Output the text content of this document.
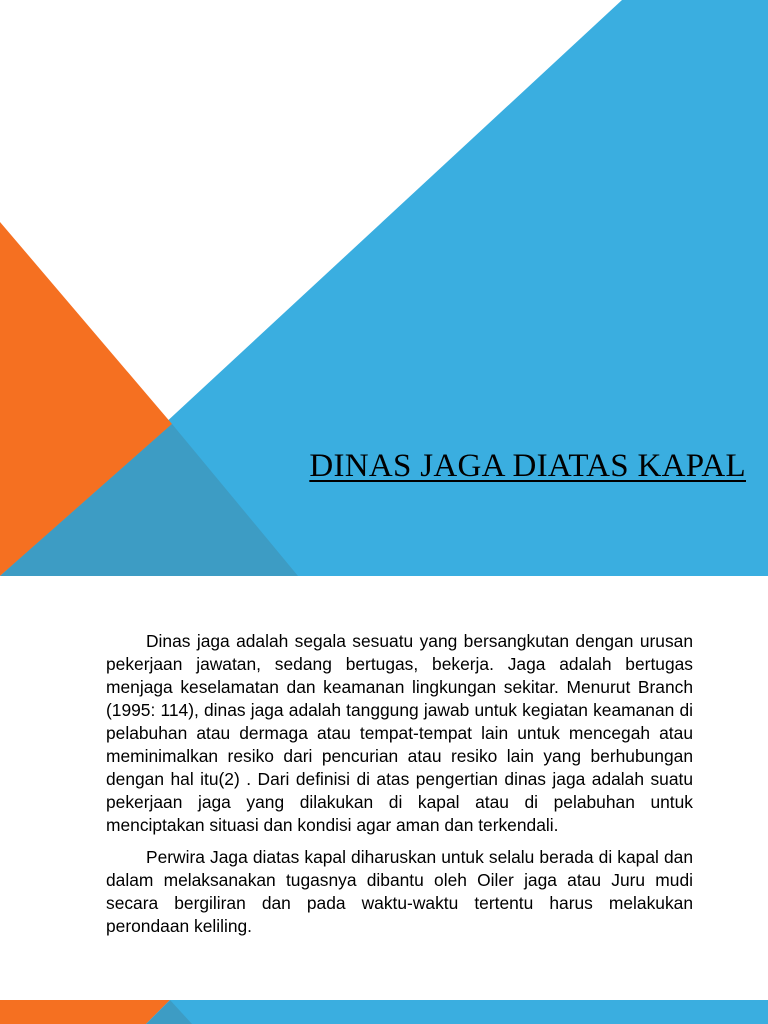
DINAS JAGA DIATAS KAPAL

Dinas jaga adalah segala sesuatu yang bersangkutan dengan urusan pekerjaan jawatan, sedang bertugas, bekerja. Jaga adalah bertugas menjaga keselamatan dan keamanan lingkungan sekitar. Menurut Branch (1995: 114), dinas jaga adalah tanggung jawab untuk kegiatan keamanan di pelabuhan atau dermaga atau tempat-tempat lain untuk mencegah atau meminimalkan resiko dari pencurian atau resiko lain yang berhubungan dengan hal itu(2) . Dari definisi di atas pengertian dinas jaga adalah suatu pekerjaan jaga yang dilakukan di kapal atau di pelabuhan untuk menciptakan situasi dan kondisi agar aman dan terkendali.

Perwira Jaga diatas kapal diharuskan untuk selalu berada di kapal dan dalam melaksanakan tugasnya dibantu oleh Oiler jaga atau Juru mudi secara bergiliran dan pada waktu-waktu tertentu harus melakukan perondaan keliling.
